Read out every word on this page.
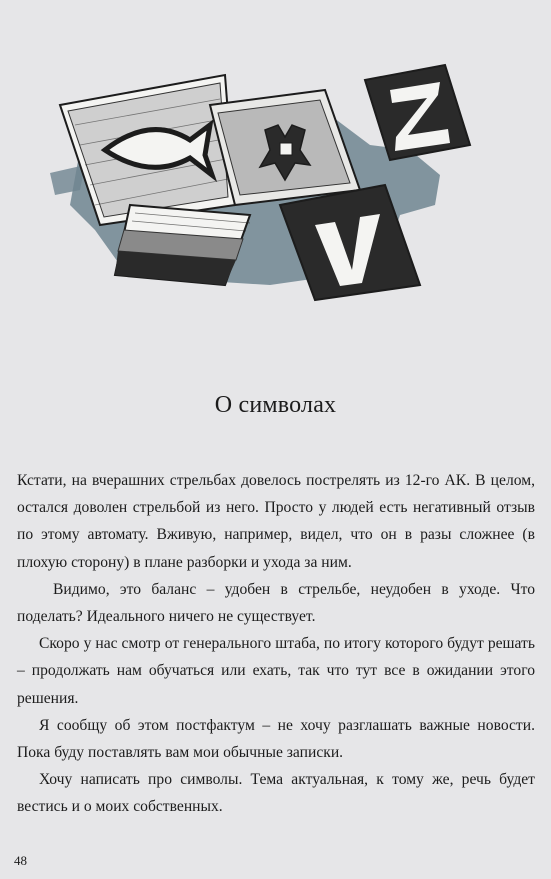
О символах

Кстати, на вчерашних стрельбах довелось пострелять из 12-го АК. В целом, остался доволен стрельбой из него. Просто у людей есть негативный отзыв по этому автомату. Вживую, например, видел, что он в разы сложнее (в плохую сторону) в плане разборки и ухода за ним.

Видимо, это баланс – удобен в стрельбе, неудобен в уходе. Что поделать? Идеального ничего не существует.

Скоро у нас смотр от генерального штаба, по итогу которого будут решать – продолжать нам обучаться или ехать, так что тут все в ожидании этого решения.

Я сообщу об этом постфактум – не хочу разглашать важные новости. Пока буду поставлять вам мои обычные записки.

Хочу написать про символы. Тема актуальная, к тому же, речь будет вестись и о моих собственных.

48
